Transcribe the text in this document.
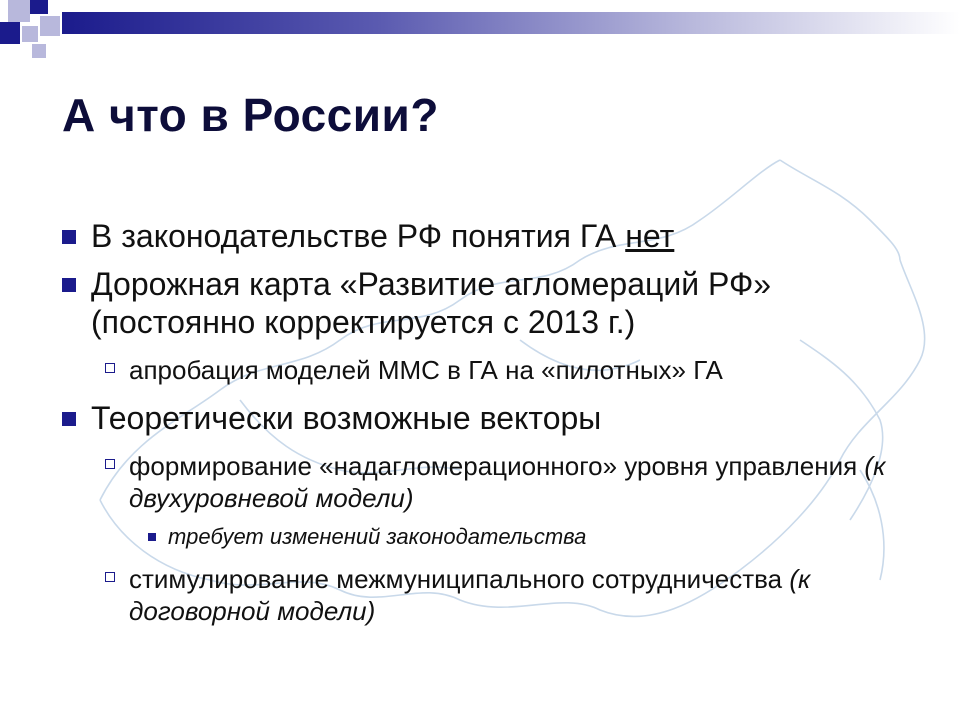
А что в России?
В законодательстве РФ понятия ГА нет
Дорожная карта «Развитие агломераций РФ» (постоянно корректируется с 2013 г.)
апробация моделей ММС в ГА на «пилотных» ГА
Теоретически возможные векторы
формирование «надагломерационного» уровня управления (к двухуровневой модели)
требует изменений законодательства
стимулирование межмуниципального сотрудничества (к договорной модели)
